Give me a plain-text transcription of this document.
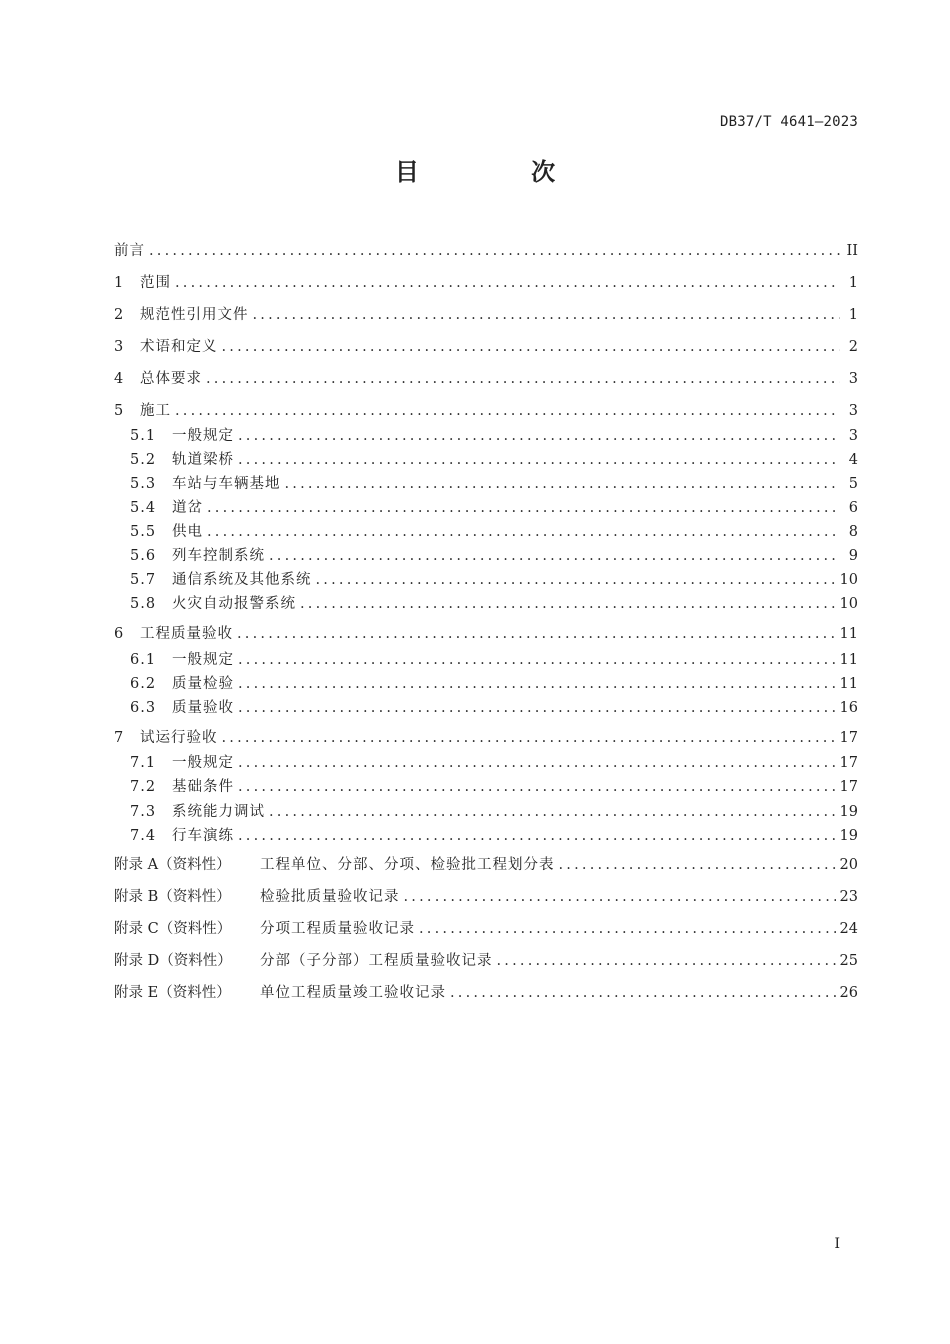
DB37/T 4641—2023
目 次
前言 .....	II
1	范围 .....	1
2	规范性引用文件 .....	1
3	术语和定义 .....	2
4	总体要求 .....	3
5	施工 .....	3
5.1	一般规定 .....	3
5.2	轨道梁桥 .....	4
5.3	车站与车辆基地 .....	5
5.4	道岔 .....	6
5.5	供电 .....	8
5.6	列车控制系统 .....	9
5.7	通信系统及其他系统 .....	10
5.8	火灾自动报警系统 .....	10
6	工程质量验收 .....	11
6.1	一般规定 .....	11
6.2	质量检验 .....	11
6.3	质量验收 .....	16
7	试运行验收 .....	17
7.1	一般规定 .....	17
7.2	基础条件 .....	17
7.3	系统能力调试 .....	19
7.4	行车演练 .....	19
附录 A（资料性）	工程单位、分部、分项、检验批工程划分表 .....	20
附录 B（资料性）	检验批质量验收记录 .....	23
附录 C（资料性）	分项工程质量验收记录 .....	24
附录 D（资料性）	分部（子分部）工程质量验收记录 .....	25
附录 E（资料性）	单位工程质量竣工验收记录 .....	26
I
